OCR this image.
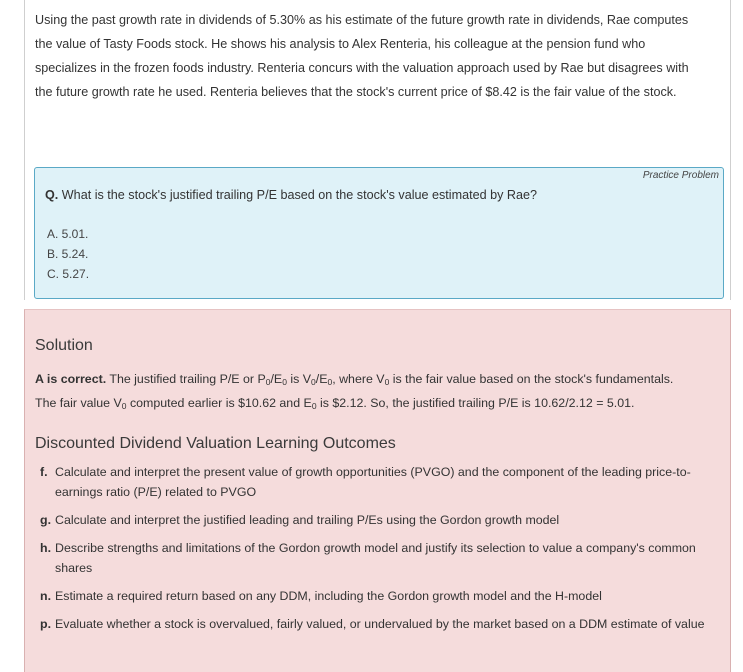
Using the past growth rate in dividends of 5.30% as his estimate of the future growth rate in dividends, Rae computes the value of Tasty Foods stock. He shows his analysis to Alex Renteria, his colleague at the pension fund who specializes in the frozen foods industry. Renteria concurs with the valuation approach used by Rae but disagrees with the future growth rate he used. Renteria believes that the stock's current price of $8.42 is the fair value of the stock.
Practice Problem
Q. What is the stock's justified trailing P/E based on the stock's value estimated by Rae?
A. 5.01.
B. 5.24.
C. 5.27.
Solution
A is correct. The justified trailing P/E or $P_0/E_0$ is $V_0/E_0$, where $V_0$ is the fair value based on the stock's fundamentals.
The fair value $V_0$ computed earlier is $10.62 and $E_0$ is $2.12. So, the justified trailing P/E is 10.62/2.12 = 5.01.
Discounted Dividend Valuation Learning Outcomes
f. Calculate and interpret the present value of growth opportunities (PVGO) and the component of the leading price-to-earnings ratio (P/E) related to PVGO
g. Calculate and interpret the justified leading and trailing P/Es using the Gordon growth model
h. Describe strengths and limitations of the Gordon growth model and justify its selection to value a company's common shares
n. Estimate a required return based on any DDM, including the Gordon growth model and the H-model
p. Evaluate whether a stock is overvalued, fairly valued, or undervalued by the market based on a DDM estimate of value
